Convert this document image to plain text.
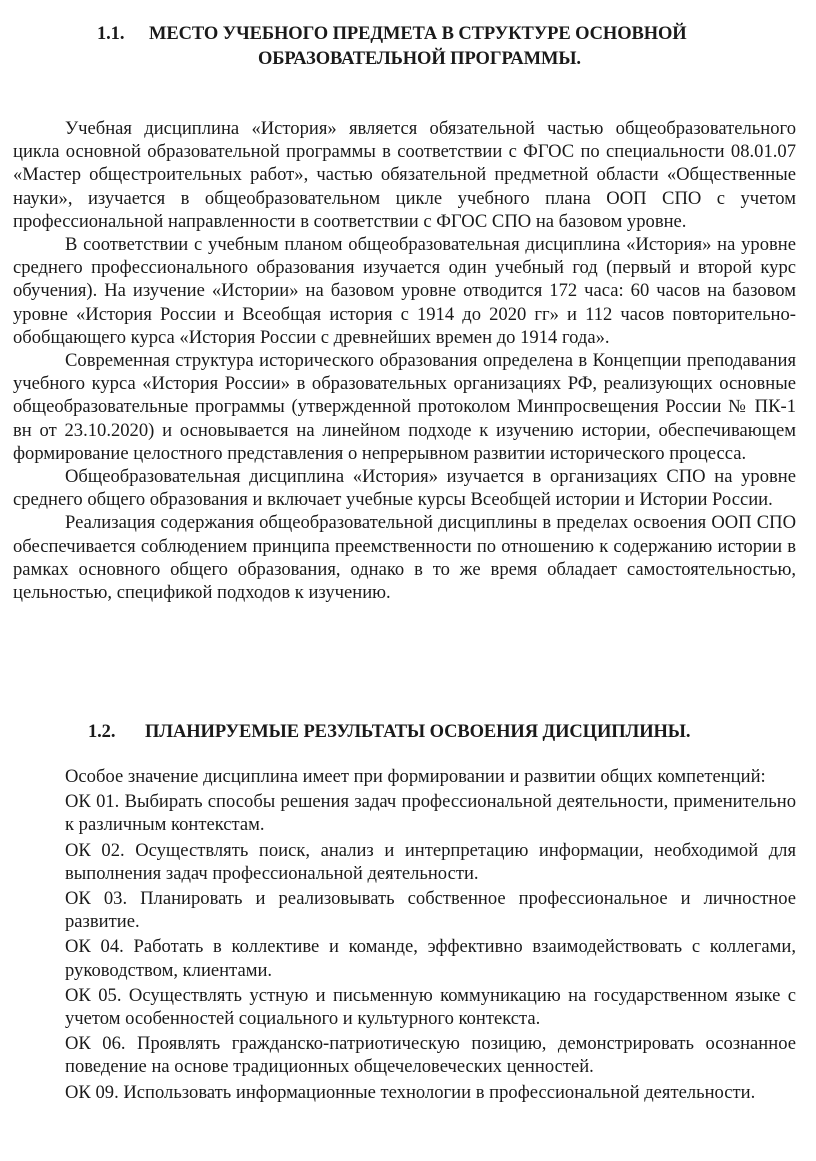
1.1. МЕСТО УЧЕБНОГО ПРЕДМЕТА В СТРУКТУРЕ ОСНОВНОЙ
ОБРАЗОВАТЕЛЬНОЙ ПРОГРАММЫ.

Учебная дисциплина «История» является обязательной частью общеобразовательного цикла основной образовательной программы в соответствии с ФГОС по специальности 08.01.07 «Мастер общестроительных работ», частью обязательной предметной области «Общественные науки», изучается в общеобразовательном цикле учебного плана ООП СПО с учетом профессиональной направленности в соответствии с ФГОС СПО на базовом уровне.

В соответствии с учебным планом общеобразовательная дисциплина «История» на уровне среднего профессионального образования изучается один учебный год (первый и второй курс обучения). На изучение «Истории» на базовом уровне отводится 172 часа: 60 часов на базовом уровне «История России и Всеобщая история с 1914 до 2020 гг» и 112 часов повторительно-обобщающего курса «История России с древнейших времен до 1914 года».

Современная структура исторического образования определена в Концепции преподавания учебного курса «История России» в образовательных организациях РФ, реализующих основные общеобразовательные программы (утвержденной протоколом Минпросвещения России № ПК-1 вн от 23.10.2020) и основывается на линейном подходе к изучению истории, обеспечивающем формирование целостного представления о непрерывном развитии исторического процесса.

Общеобразовательная дисциплина «История» изучается в организациях СПО на уровне среднего общего образования и включает учебные курсы Всеобщей истории и Истории России.

Реализация содержания общеобразовательной дисциплины в пределах освоения ООП СПО обеспечивается соблюдением принципа преемственности по отношению к содержанию истории в рамках основного общего образования, однако в то же время обладает самостоятельностью, цельностью, спецификой подходов к изучению.

1.2. ПЛАНИРУЕМЫЕ РЕЗУЛЬТАТЫ ОСВОЕНИЯ ДИСЦИПЛИНЫ.

Особое значение дисциплина имеет при формировании и развитии общих компетенций:

ОК 01. Выбирать способы решения задач профессиональной деятельности, применительно к различным контекстам.

ОК 02. Осуществлять поиск, анализ и интерпретацию информации, необходимой для выполнения задач профессиональной деятельности.

ОК 03. Планировать и реализовывать собственное профессиональное и личностное развитие.

ОК 04. Работать в коллективе и команде, эффективно взаимодействовать с коллегами, руководством, клиентами.

ОК 05. Осуществлять устную и письменную коммуникацию на государственном языке с учетом особенностей социального и культурного контекста.

ОК 06. Проявлять гражданско-патриотическую позицию, демонстрировать осознанное поведение на основе традиционных общечеловеческих ценностей.

ОК 09. Использовать информационные технологии в профессиональной деятельности.
